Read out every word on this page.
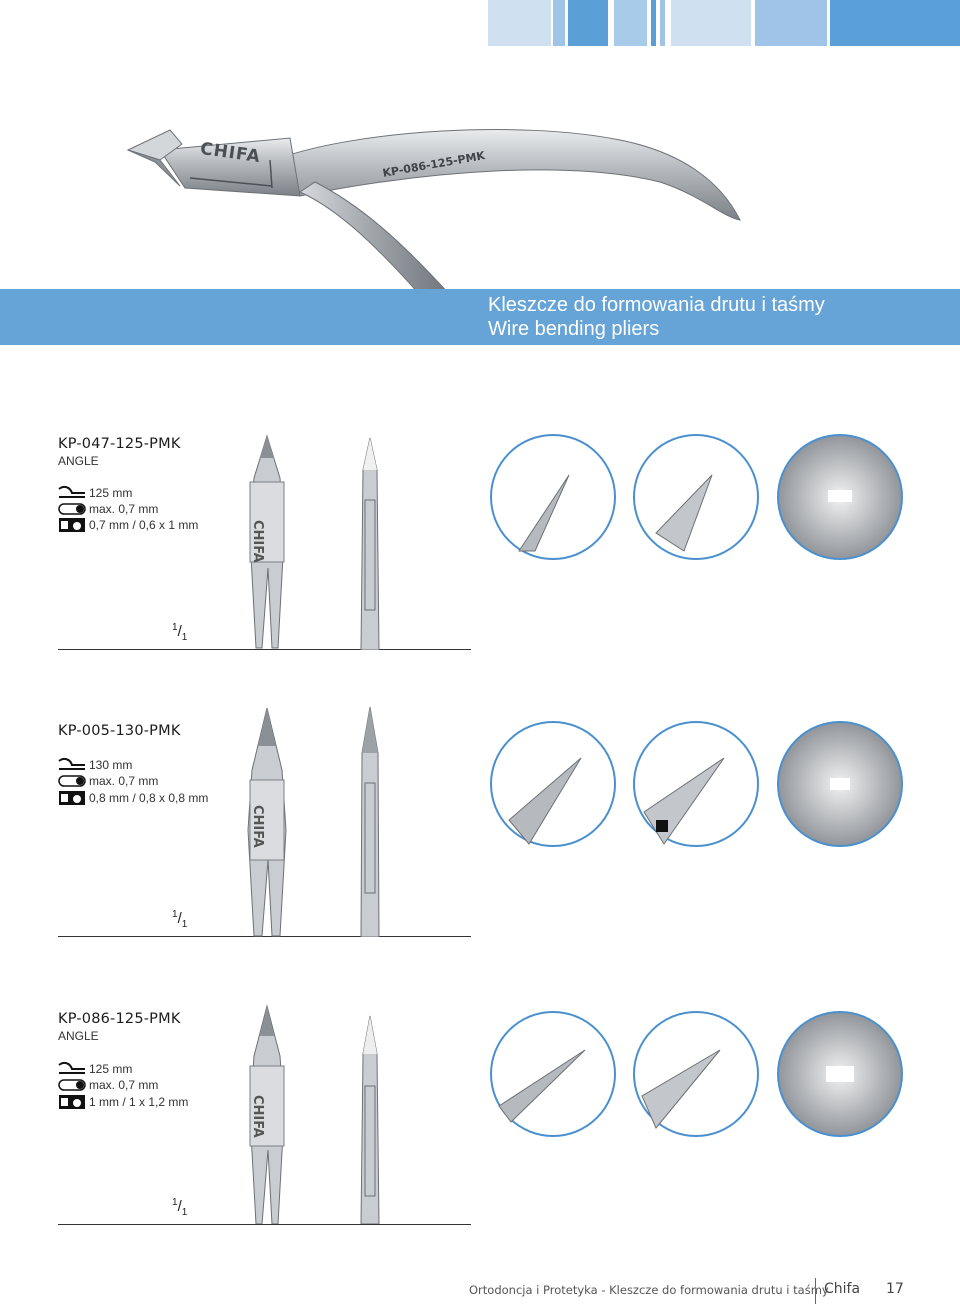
CHIFA	KP-086-125-PMK
Kleszcze do formowania drutu i taśmy
Wire bending pliers
KP-047-125-PMK
ANGLE
125 mm
max. 0,7 mm
0,7 mm / 0,6 x 1 mm
$^1/_1$
CHIFA
KP-005-130-PMK
130 mm
max. 0,7 mm
0,8 mm / 0,8 x 0,8 mm
$^1/_1$
CHIFA
KP-086-125-PMK
ANGLE
125 mm
max. 0,7 mm
1 mm / 1 x 1,2 mm
$^1/_1$
CHIFA
Ortodoncja i Protetyka - Kleszcze do formowania drutu i taśmy
Chifa 17
